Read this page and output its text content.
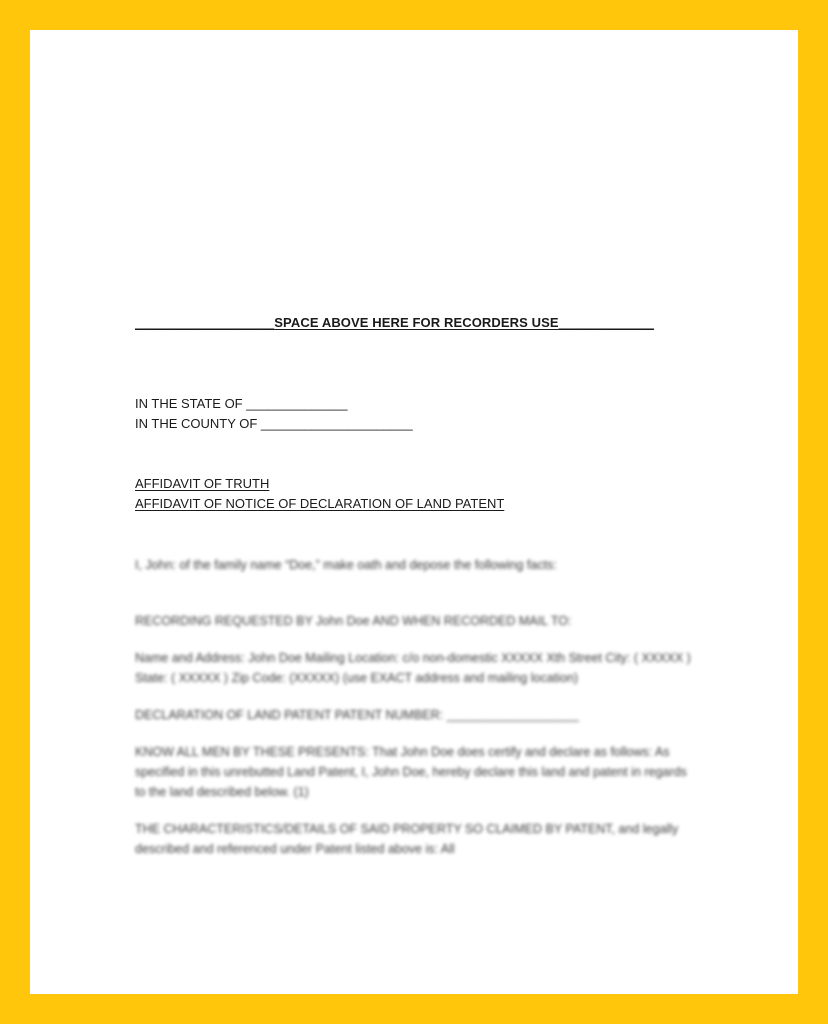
___________________SPACE ABOVE HERE FOR RECORDERS USE_____________
IN THE STATE OF ______________
IN THE COUNTY OF _____________________
AFFIDAVIT OF TRUTH
AFFIDAVIT OF NOTICE OF DECLARATION OF LAND PATENT

I, John: of the family name “Doe,” make oath and depose the following facts:

RECORDING REQUESTED BY John Doe AND WHEN RECORDED MAIL TO:

Name and Address: John Doe Mailing Location: c/o non-domestic XXXXX Xth Street City: ( XXXXX ) State: ( XXXXX ) Zip Code: (XXXXX) (use EXACT address and mailing location)

DECLARATION OF LAND PATENT PATENT NUMBER: ___________________

KNOW ALL MEN BY THESE PRESENTS: That John Doe does certify and declare as follows: As specified in this unrebutted Land Patent, I, John Doe, hereby declare this land and patent in regards to the land described below. (1)

THE CHARACTERISTICS/DETAILS OF SAID PROPERTY SO CLAIMED BY PATENT, and legally described and referenced under Patent listed above is: All
